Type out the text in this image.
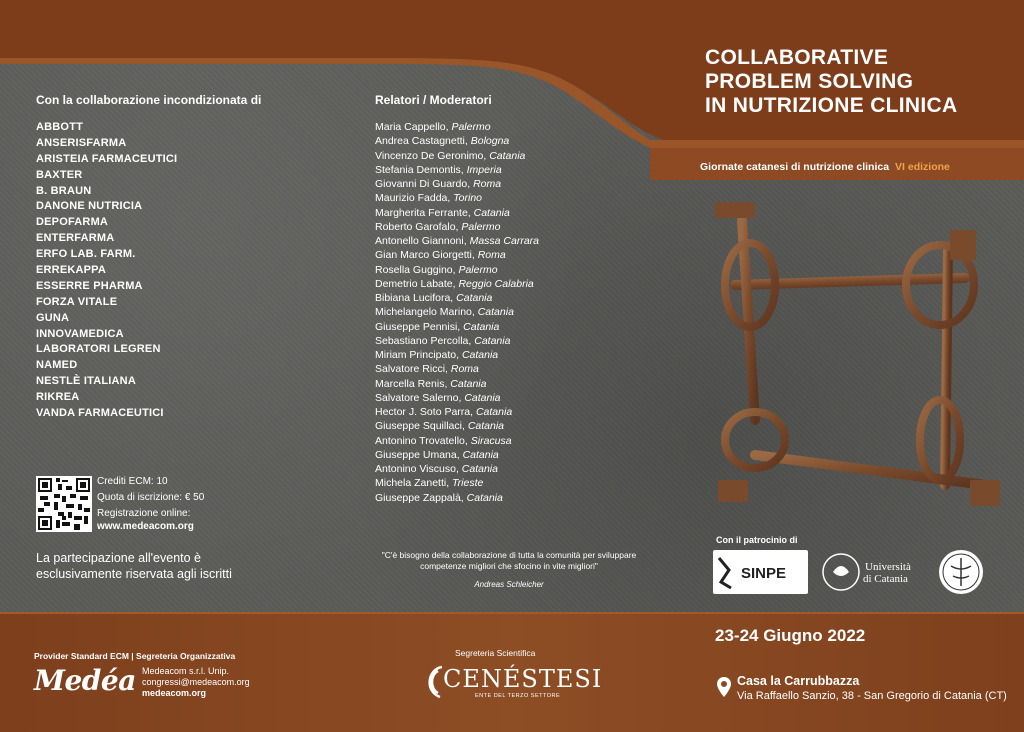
Con la collaborazione incondizionata di
ABBOTT
ANSERISFARMA
ARISTEIA FARMACEUTICI
BAXTER
B. BRAUN
DANONE NUTRICIA
DEPOFARMA
ENTERFARMA
ERFO LAB. FARM.
ERREKAPPA
ESSERRE PHARMA
FORZA VITALE
GUNA
INNOVAMEDICA
LABORATORI LEGREN
NAMED
NESTLÈ ITALIANA
RIKREA
VANDA FARMACEUTICI
Crediti ECM: 10
Quota di iscrizione: € 50
Registrazione online:
www.medeacom.org
La partecipazione all'evento è
esclusivamente riservata agli iscritti
Relatori / Moderatori
Maria Cappello, Palermo
Andrea Castagnetti, Bologna
Vincenzo De Geronimo, Catania
Stefania Demontis, Imperia
Giovanni Di Guardo, Roma
Maurizio Fadda, Torino
Margherita Ferrante, Catania
Roberto Garofalo, Palermo
Antonello Giannoni, Massa Carrara
Gian Marco Giorgetti, Roma
Rosella Guggino, Palermo
Demetrio Labate, Reggio Calabria
Bibiana Lucifora, Catania
Michelangelo Marino, Catania
Giuseppe Pennisi, Catania
Sebastiano Percolla, Catania
Miriam Principato, Catania
Salvatore Ricci, Roma
Marcella Renis, Catania
Salvatore Salerno, Catania
Hector J. Soto Parra, Catania
Giuseppe Squillaci, Catania
Antonino Trovatello, Siracusa
Giuseppe Umana, Catania
Antonino Viscuso, Catania
Michela Zanetti, Trieste
Giuseppe Zappalà, Catania
"C'è bisogno della collaborazione di tutta la comunità per sviluppare
competenze migliori che sfocino in vite migliori"
Andreas Schleicher
COLLABORATIVE
PROBLEM SOLVING
IN NUTRIZIONE CLINICA
Giornate catanesi di nutrizione clinica VI edizione
Con il patrocinio di
SINPE	Università
di Catania
Provider Standard ECM | Segreteria Organizzativa
Medéa Medeacom s.r.l. Unip.
congressi@medeacom.org
medeacom.org
Segreteria Scientifica
CENÉSTESI
ENTE DEL TERZO SETTORE
23-24 Giugno 2022
Casa la Carrubbazza
Via Raffaello Sanzio, 38 - San Gregorio di Catania (CT)
